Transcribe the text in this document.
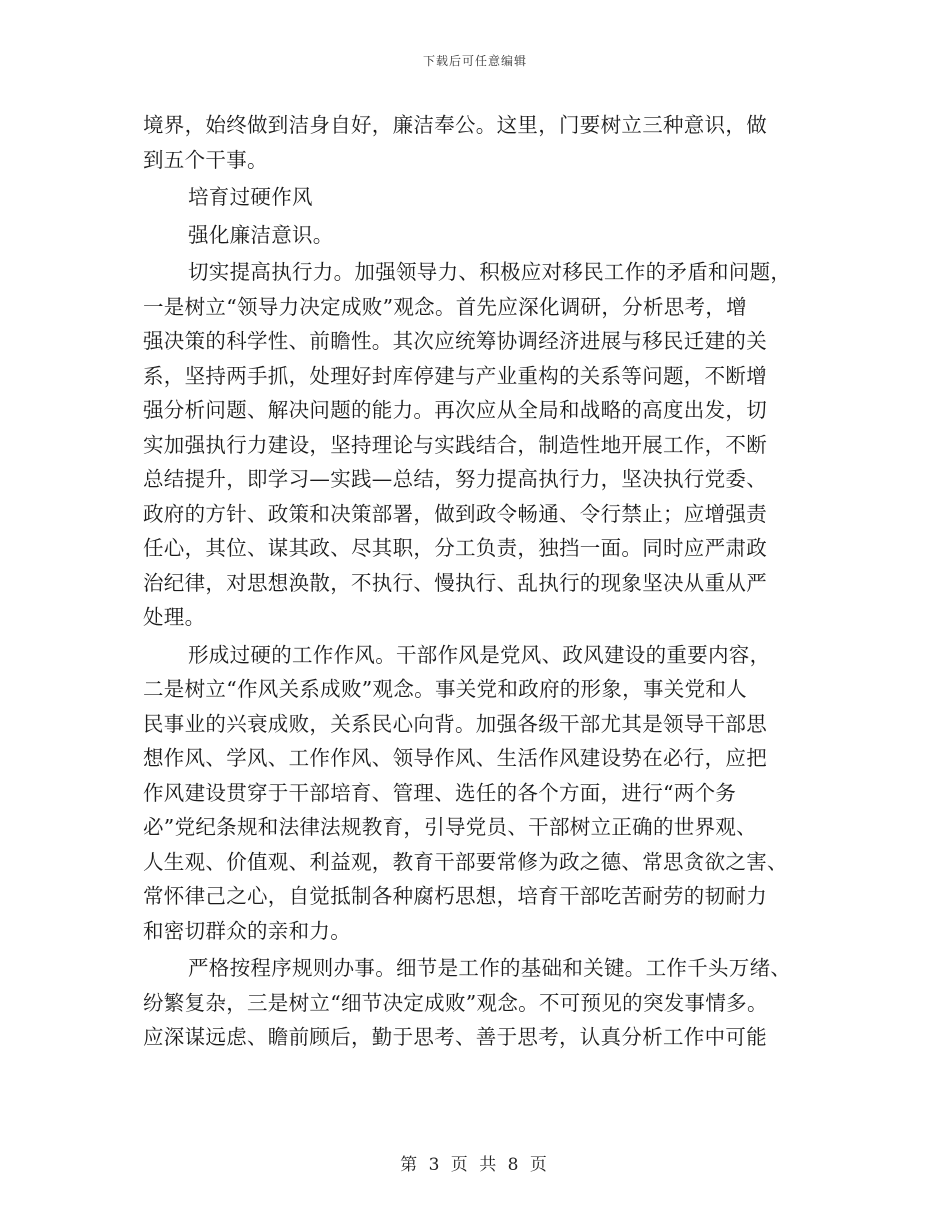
下载后可任意编辑
境界，始终做到洁身自好，廉洁奉公。这里，门要树立三种意识，做
到五个干事。
培育过硬作风
强化廉洁意识。
切实提高执行力。加强领导力、积极应对移民工作的矛盾和问题，
一是树立“领导力决定成败”观念。首先应深化调研，分析思考，增
强决策的科学性、前瞻性。其次应统筹协调经济进展与移民迁建的关
系，坚持两手抓，处理好封库停建与产业重构的关系等问题，不断增
强分析问题、解决问题的能力。再次应从全局和战略的高度出发，切
实加强执行力建设，坚持理论与实践结合，制造性地开展工作，不断
总结提升，即学习—实践—总结，努力提高执行力，坚决执行党委、
政府的方针、政策和决策部署，做到政令畅通、令行禁止；应增强责
任心，其位、谋其政、尽其职，分工负责，独挡一面。同时应严肃政
治纪律，对思想涣散，不执行、慢执行、乱执行的现象坚决从重从严
处理。
形成过硬的工作作风。干部作风是党风、政风建设的重要内容，
二是树立“作风关系成败”观念。事关党和政府的形象，事关党和人
民事业的兴衰成败，关系民心向背。加强各级干部尤其是领导干部思
想作风、学风、工作作风、领导作风、生活作风建设势在必行，应把
作风建设贯穿于干部培育、管理、选任的各个方面，进行“两个务
必”党纪条规和法律法规教育，引导党员、干部树立正确的世界观、
人生观、价值观、利益观，教育干部要常修为政之德、常思贪欲之害、
常怀律己之心，自觉抵制各种腐朽思想，培育干部吃苦耐劳的韧耐力
和密切群众的亲和力。
严格按程序规则办事。细节是工作的基础和关键。工作千头万绪、
纷繁复杂，三是树立“细节决定成败”观念。不可预见的突发事情多。
应深谋远虑、瞻前顾后，勤于思考、善于思考，认真分析工作中可能
第 3 页 共 8 页
